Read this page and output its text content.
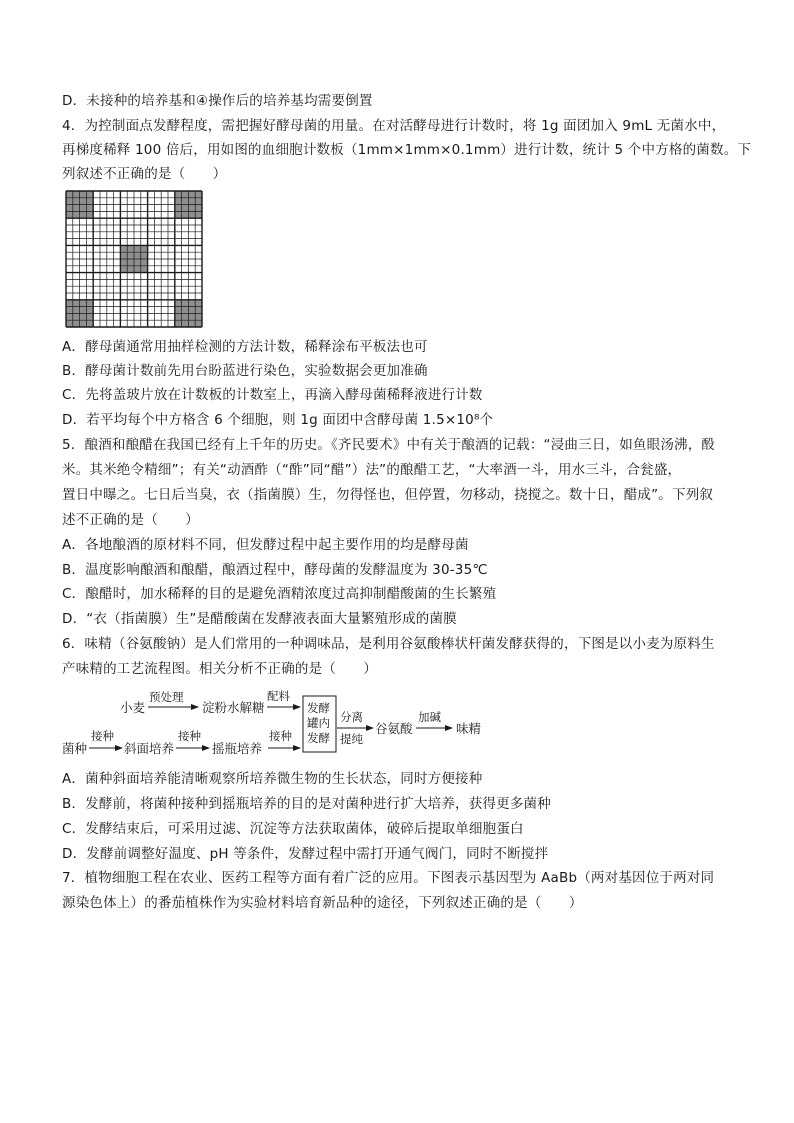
D．未接种的培养基和④操作后的培养基均需要倒置
4．为控制面点发酵程度，需把握好酵母菌的用量。在对活酵母进行计数时，将 1g 面团加入 9mL 无菌水中，
再梯度稀释 100 倍后，用如图的血细胞计数板（1mm×1mm×0.1mm）进行计数，统计 5 个中方格的菌数。下
列叙述不正确的是（　　）
A．酵母菌通常用抽样检测的方法计数，稀释涂布平板法也可
B．酵母菌计数前先用台盼蓝进行染色，实验数据会更加准确
C．先将盖玻片放在计数板的计数室上，再滴入酵母菌稀释液进行计数
D．若平均每个中方格含 6 个细胞，则 1g 面团中含酵母菌 1.5×10⁸个
5．酿酒和酿醋在我国已经有上千年的历史。《齐民要术》中有关于酿酒的记载：“浸曲三日，如鱼眼汤沸，酘
米。其米绝令精细”；有关“动酒酢（“酢”同“醋”）法”的酿醋工艺，“大率酒一斗，用水三斗，合瓮盛，
置日中曝之。七日后当臭，衣（指菌膜）生，勿得怪也，但停置，勿移动，挠搅之。数十日，醋成”。下列叙
述不正确的是（　　）
A．各地酿酒的原材料不同，但发酵过程中起主要作用的均是酵母菌
B．温度影响酿酒和酿醋，酿酒过程中，酵母菌的发酵温度为 30-35℃
C．酿醋时，加水稀释的目的是避免酒精浓度过高抑制醋酸菌的生长繁殖
D．“衣（指菌膜）生”是醋酸菌在发酵液表面大量繁殖形成的菌膜
6．味精（谷氨酸钠）是人们常用的一种调味品，是利用谷氨酸棒状杆菌发酵获得的，下图是以小麦为原料生
产味精的工艺流程图。相关分析不正确的是（　　）
小麦
预处理
淀粉水解糖
配料
发酵
罐内
发酵
分离
提纯
谷氨酸
加碱
味精
菌种
接种
斜面培养
接种
摇瓶培养
接种
A．菌种斜面培养能清晰观察所培养微生物的生长状态，同时方便接种
B．发酵前，将菌种接种到摇瓶培养的目的是对菌种进行扩大培养，获得更多菌种
C．发酵结束后，可采用过滤、沉淀等方法获取菌体，破碎后提取单细胞蛋白
D．发酵前调整好温度、pH 等条件，发酵过程中需打开通气阀门，同时不断搅拌
7．植物细胞工程在农业、医药工程等方面有着广泛的应用。下图表示基因型为 AaBb（两对基因位于两对同
源染色体上）的番茄植株作为实验材料培育新品种的途径，下列叙述正确的是（　　）
